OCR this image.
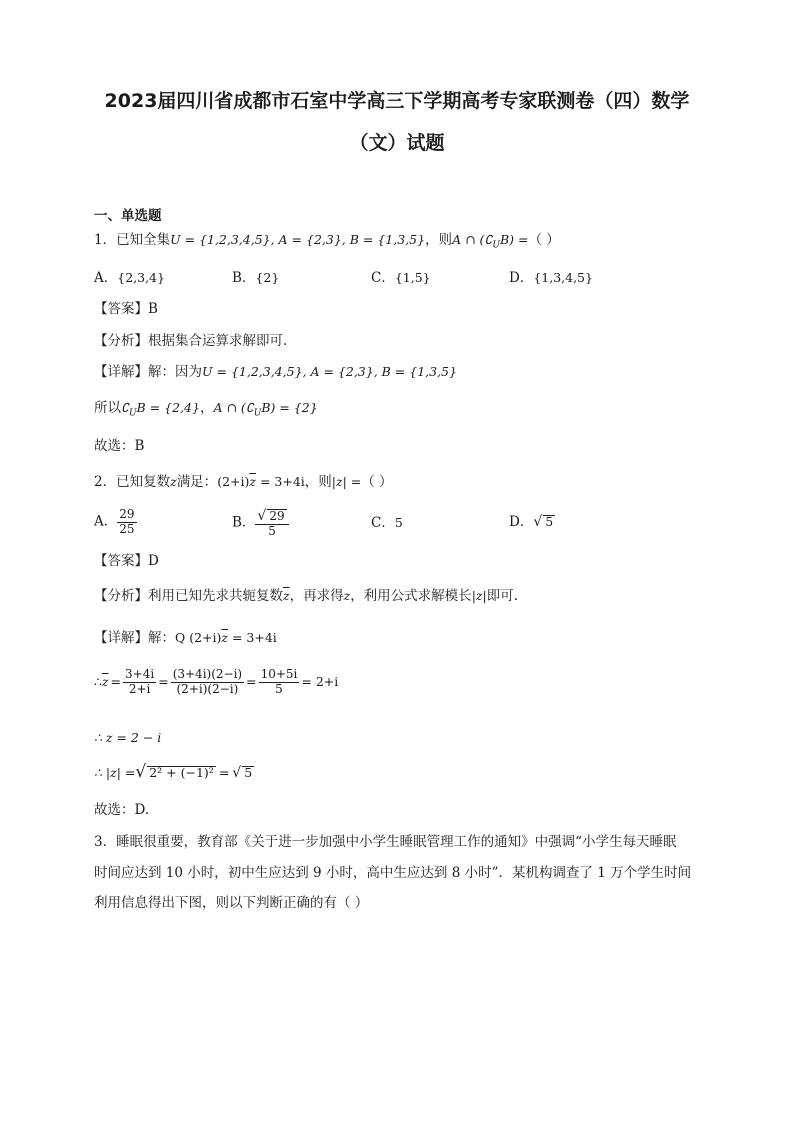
2023届四川省成都市石室中学高三下学期高考专家联测卷（四）数学
（文）试题
一、单选题
1．已知全集U = {1,2,3,4,5}, A = {2,3}, B = {1,3,5}，则A ∩ $(∁_UB)$ =（ ）
A．{2,3,4}	B．{2}	C．{1,5}	D．{1,3,4,5}
【答案】B
【分析】根据集合运算求解即可.
【详解】解：因为U = {1,2,3,4,5}, A = {2,3}, B = {1,3,5}
所以$∁_UB = \{2,4\}$，A ∩ $(∁_UB) = \{2\}$
故选：B
2．已知复数z满足：$(2+i)\overline{z} = 3+4i$，则|z| =（ ）
A． $\frac{29}{25}$	B． $\frac{√ 29}{5}$	C．5	D．√ 5
【答案】D
【分析】利用已知先求共轭复数$\overline{z}$，再求得z，利用公式求解模长|z|即可.
【详解】解：Q $(2+i)\overline{z} = 3+4i$
$\therefore\overline{z} = \frac{3+4i}{2+i} = \frac{(3+4i)(2-i)}{(2+i)(2-i)} = \frac{10+5i}{5} = 2+i$
∴ z = 2 − i
∴ |z| =√ 2² + (−1)² = √ 5
故选：D.
3．睡眠很重要，教育部《关于进一步加强中小学生睡眠管理工作的通知》中强调“小学生每天睡眠
时间应达到 10 小时，初中生应达到 9 小时，高中生应达到 8 小时”．某机构调查了 1 万个学生时间
利用信息得出下图，则以下判断正确的有（ ）
